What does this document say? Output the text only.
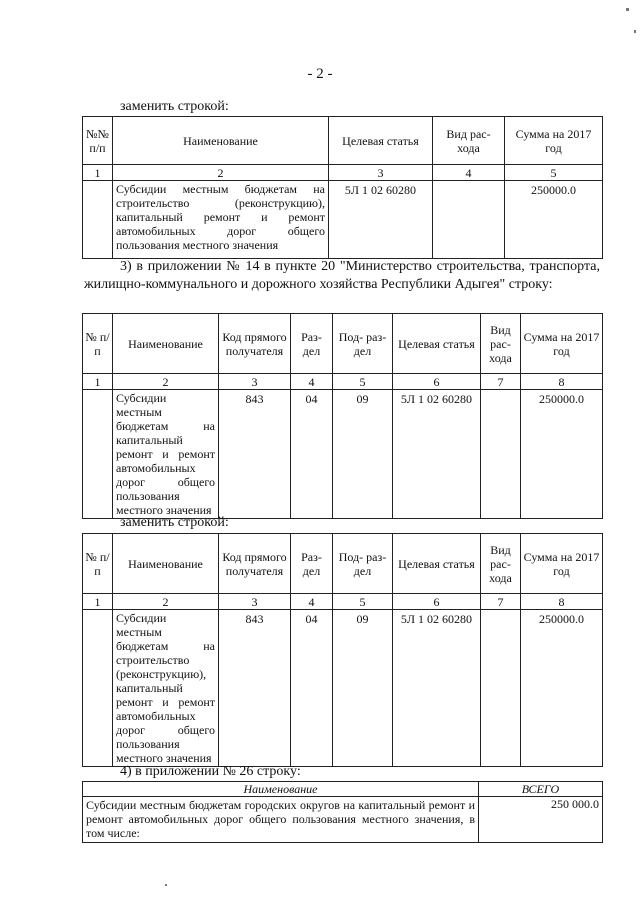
- 2 -
заменить строкой:
№№ п/п	Наименование	Целевая статья	Вид рас- хода	Сумма на 2017 год
1	2	3	4	5
	Субсидии местным бюджетам на строительство (реконструкцию), капитальный ремонт и ремонт автомобильных дорог общего пользования местного значения	5Л 1 02 60280		250000.0
3) в приложении № 14 в пункте 20 "Министерство строительства, транспорта, жилищно-коммунального и дорожного хозяйства Республики Адыгея" строку:
№ п/п	Наименование	Код прямого получателя	Раз- дел	Под- раз- дел	Целевая статья	Вид рас- хода	Сумма на 2017 год
1	2	3	4	5	6	7	8
	Субсидии местным бюджетам на капитальный ремонт и ремонт автомобильных дорог общего пользования местного значения	843	04	09	5Л 1 02 60280		250000.0
заменить строкой:
№ п/п	Наименование	Код прямого получателя	Раз- дел	Под- раз- дел	Целевая статья	Вид рас- хода	Сумма на 2017 год
1	2	3	4	5	6	7	8
	Субсидии местным бюджетам на строительство (реконструкцию), капитальный ремонт и ремонт автомобильных дорог общего пользования местного значения	843	04	09	5Л 1 02 60280		250000.0
4) в приложении № 26 строку:
Наименование	ВСЕГО
Субсидии местным бюджетам городских округов на капитальный ремонт и ремонт автомобильных дорог общего пользования местного значения, в том числе:	250 000.0
